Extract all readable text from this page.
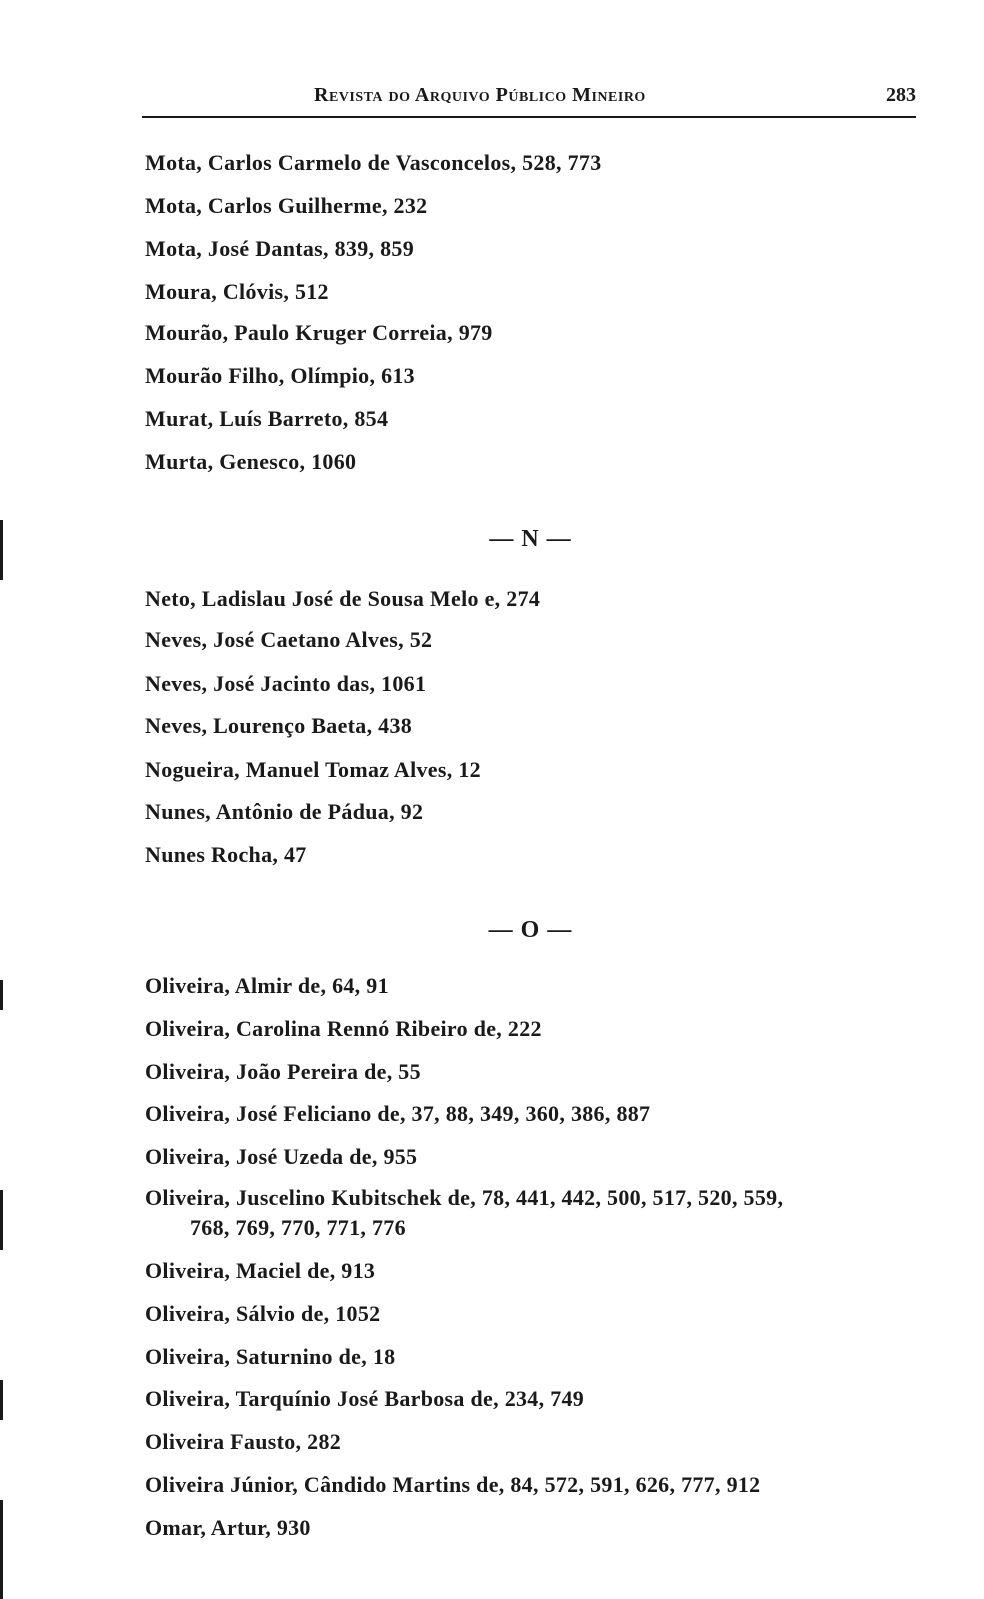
Revista do Arquivo Público Mineiro	283
Mota, Carlos Carmelo de Vasconcelos, 528, 773
Mota, Carlos Guilherme, 232
Mota, José Dantas, 839, 859
Moura, Clóvis, 512
Mourão, Paulo Kruger Correia, 979
Mourão Filho, Olímpio, 613
Murat, Luís Barreto, 854
Murta, Genesco, 1060
— N —
Neto, Ladislau José de Sousa Melo e, 274
Neves, José Caetano Alves, 52
Neves, José Jacinto das, 1061
Neves, Lourenço Baeta, 438
Nogueira, Manuel Tomaz Alves, 12
Nunes, Antônio de Pádua, 92
Nunes Rocha, 47
— O —
Oliveira, Almir de, 64, 91
Oliveira, Carolina Rennó Ribeiro de, 222
Oliveira, João Pereira de, 55
Oliveira, José Feliciano de, 37, 88, 349, 360, 386, 887
Oliveira, José Uzeda de, 955
Oliveira, Juscelino Kubitschek de, 78, 441, 442, 500, 517, 520, 559,
768, 769, 770, 771, 776
Oliveira, Maciel de, 913
Oliveira, Sálvio de, 1052
Oliveira, Saturnino de, 18
Oliveira, Tarquínio José Barbosa de, 234, 749
Oliveira Fausto, 282
Oliveira Júnior, Cândido Martins de, 84, 572, 591, 626, 777, 912
Omar, Artur, 930
